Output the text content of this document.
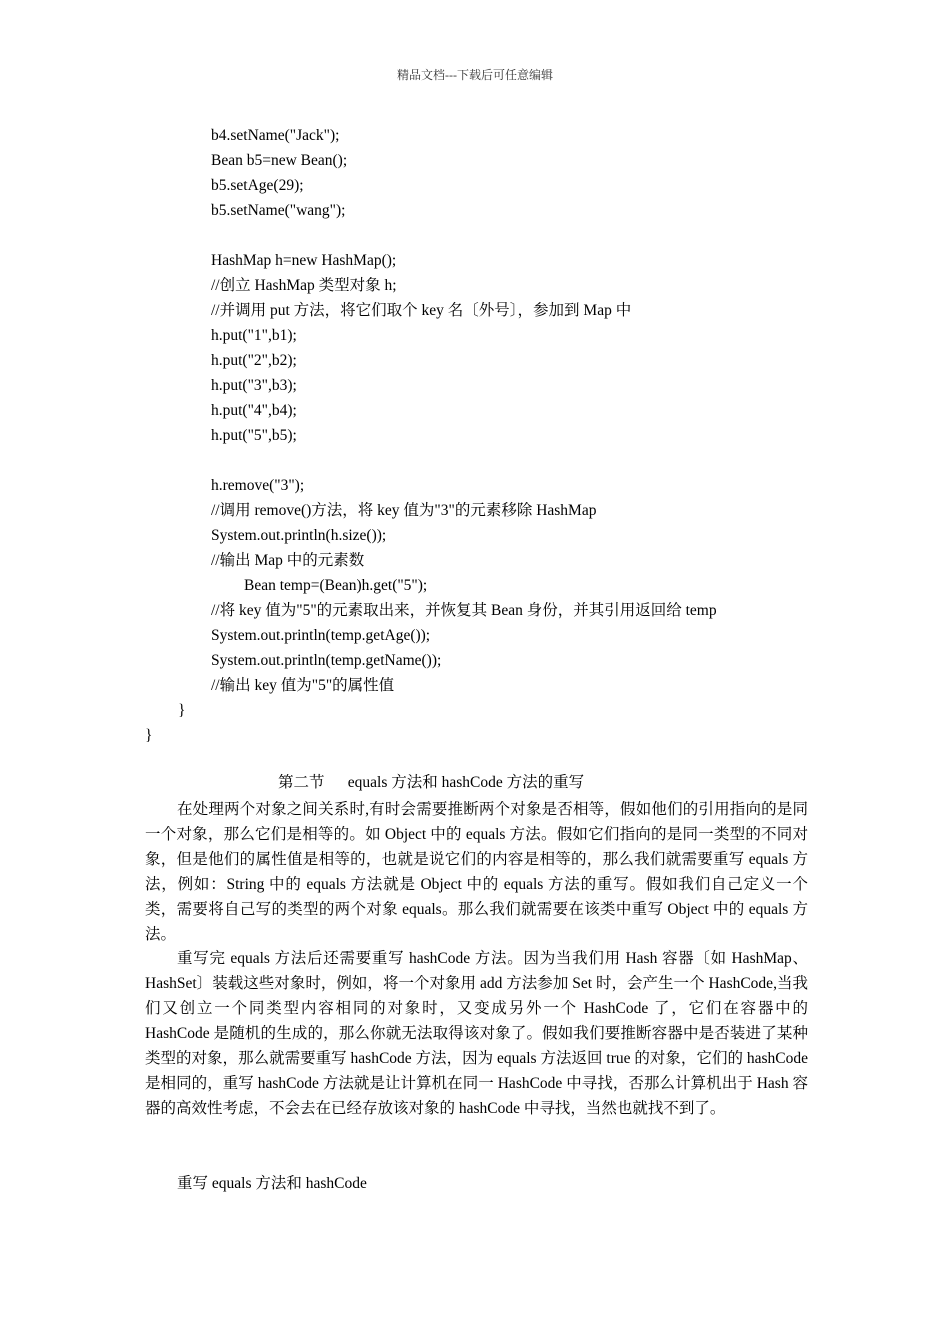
精品文档---下载后可任意编辑
b4.setName("Jack");
Bean b5=new Bean();
b5.setAge(29);
b5.setName("wang");
HashMap h=new HashMap();
//创立 HashMap 类型对象 h;
//并调用 put 方法，将它们取个 key 名〔外号〕，参加到 Map 中
h.put("1",b1);
h.put("2",b2);
h.put("3",b3);
h.put("4",b4);
h.put("5",b5);
h.remove("3");
//调用 remove()方法，将 key 值为"3"的元素移除 HashMap
System.out.println(h.size());
//输出 Map 中的元素数
Bean temp=(Bean)h.get("5");
//将 key 值为"5"的元素取出来，并恢复其 Bean 身份，并其引用返回给 temp
System.out.println(temp.getAge());
System.out.println(temp.getName());
//输出 key 值为"5"的属性值
}
}
第二节      equals 方法和 hashCode 方法的重写

在处理两个对象之间关系时,有时会需要推断两个对象是否相等，假如他们的引用指向的是同一个对象，那么它们是相等的。如 Object 中的 equals 方法。假如它们指向的是同一类型的不同对象，但是他们的属性值是相等的，也就是说它们的内容是相等的，那么我们就需要重写 equals 方法，例如：String 中的 equals 方法就是 Object 中的 equals 方法的重写。假如我们自己定义一个类，需要将自己写的类型的两个对象 equals。那么我们就需要在该类中重写 Object 中的 equals 方法。

重写完 equals 方法后还需要重写 hashCode 方法。因为当我们用 Hash 容器〔如 HashMap、HashSet〕装载这些对象时，例如，将一个对象用 add 方法参加 Set 时，会产生一个 HashCode,当我们又创立一个同类型内容相同的对象时，又变成另外一个 HashCode 了，它们在容器中的 HashCode 是随机的生成的，那么你就无法取得该对象了。假如我们要推断容器中是否装进了某种类型的对象，那么就需要重写 hashCode 方法，因为 equals 方法返回 true 的对象，它们的 hashCode 是相同的，重写 hashCode 方法就是让计算机在同一 HashCode 中寻找，否那么计算机出于 Hash 容器的高效性考虑，不会去在已经存放该对象的 hashCode 中寻找，当然也就找不到了。

重写 equals 方法和 hashCode
